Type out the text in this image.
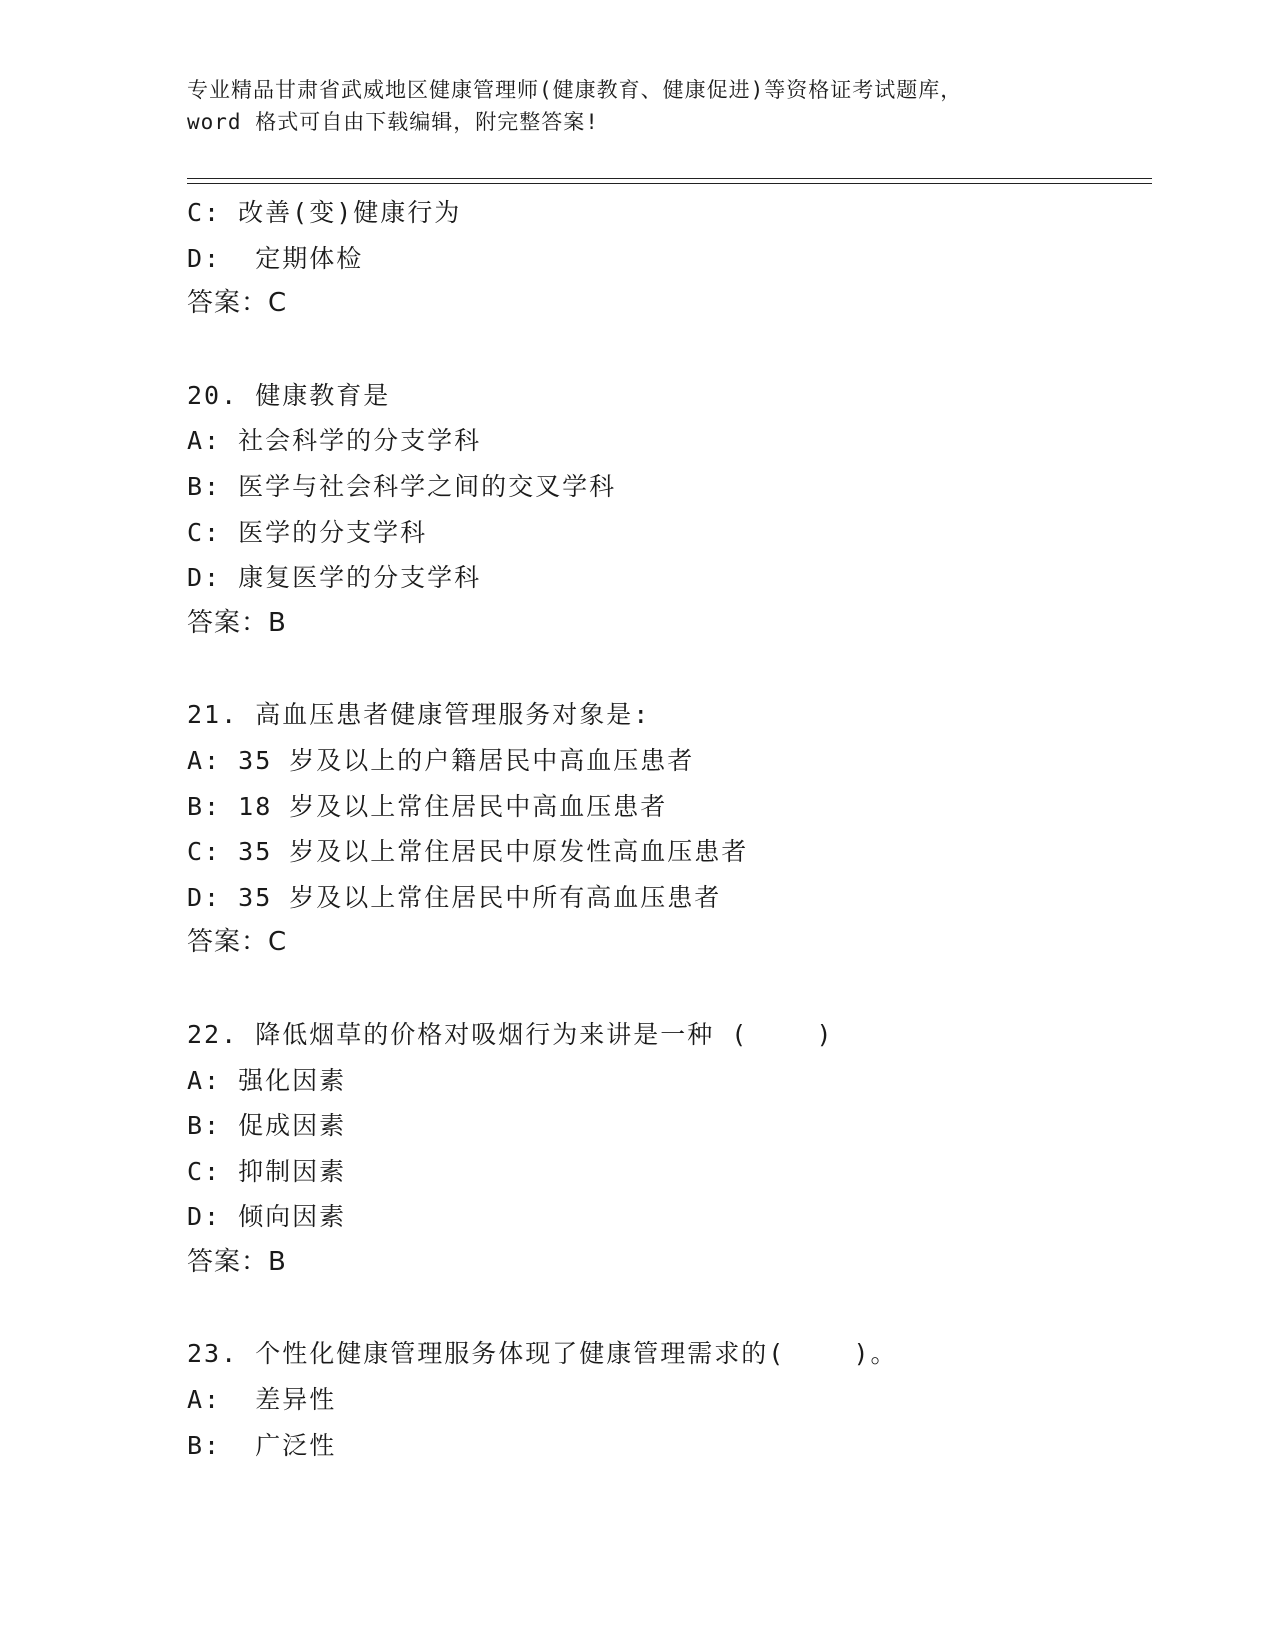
专业精品甘肃省武威地区健康管理师(健康教育、健康促进)等资格证考试题库，
word 格式可自由下载编辑，附完整答案!
C: 改善(变)健康行为
D:  定期体检
答案：C
20. 健康教育是
A: 社会科学的分支学科
B: 医学与社会科学之间的交叉学科
C: 医学的分支学科
D: 康复医学的分支学科
答案：B
21. 高血压患者健康管理服务对象是:
A: 35 岁及以上的户籍居民中高血压患者
B: 18 岁及以上常住居民中高血压患者
C: 35 岁及以上常住居民中原发性高血压患者
D: 35 岁及以上常住居民中所有高血压患者
答案：C
22. 降低烟草的价格对吸烟行为来讲是一种 (    )
A: 强化因素
B: 促成因素
C: 抑制因素
D: 倾向因素
答案：B
23. 个性化健康管理服务体现了健康管理需求的(    )。
A:  差异性
B:  广泛性
